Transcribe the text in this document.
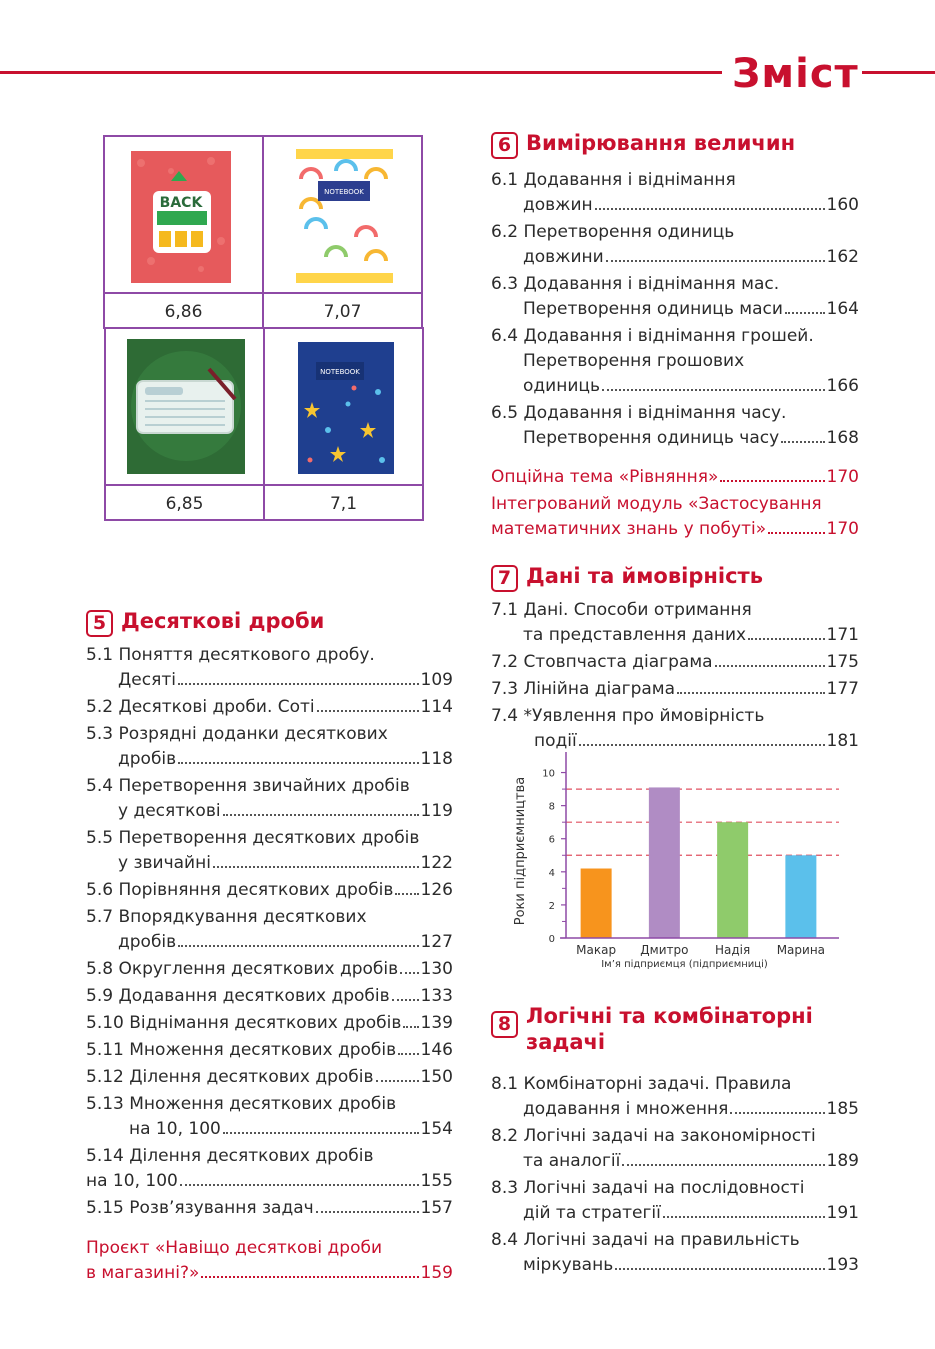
Зміст
BACK
6,86
NOTEBOOK
7,07
6,85
NOTEBOOK
7,1
5 Десяткові дроби
5.1 Поняття десяткового дробу.
Десяті	109
5.2 Десяткові дроби. Соті	114
5.3 Розрядні доданки десяткових
дробів	118
5.4 Перетворення звичайних дробів
у десяткові	119
5.5 Перетворення десяткових дробів
у звичайні	122
5.6 Порівняння десяткових дробів 126
5.7 Впорядкування десяткових
дробів	127
5.8 Округлення десяткових дробів 130
5.9 Додавання десяткових дробів 133
5.10 Віднімання десяткових дробів 139
5.11 Множення десяткових дробів 146
5.12 Ділення десяткових дробів	150
5.13 Множення десяткових дробів
на 10, 100	154
5.14 Ділення десяткових дробів
на 10, 100	155
5.15 Розв’язування задач	157
Проєкт «Навіщо десяткові дроби
в магазині?»	159
6 Вимірювання величин
6.1 Додавання і віднімання
довжин	160
6.2 Перетворення одиниць
довжини	162
6.3 Додавання і віднімання мас.
Перетворення одиниць маси	164
6.4 Додавання і віднімання грошей.
Перетворення грошових
одиниць	166
6.5 Додавання і віднімання часу.
Перетворення одиниць часу	168
Опційна тема «Рівняння»	170
Інтегрований модуль «Застосування
математичних знань у побуті»	170
7 Дані та ймовірність
7.1 Дані. Способи отримання
та представлення даних	171
7.2 Стовпчаста діаграма	175
7.3 Лінійна діаграма	177
7.4 *Уявлення про ймовірність
події	181
Макар Дмитро Надія Марина
0
2
4
6
8
10
Ім’я підприємця (підприємниці)
Роки підприємництва
8 Логічні та комбінаторні
задачі
8.1 Комбінаторні задачі. Правила
додавання і множення	185
8.2 Логічні задачі на закономірності
та аналогії	189
8.3 Логічні задачі на послідовності
дій та стратегії	191
8.4 Логічні задачі на правильність
міркувань	193
